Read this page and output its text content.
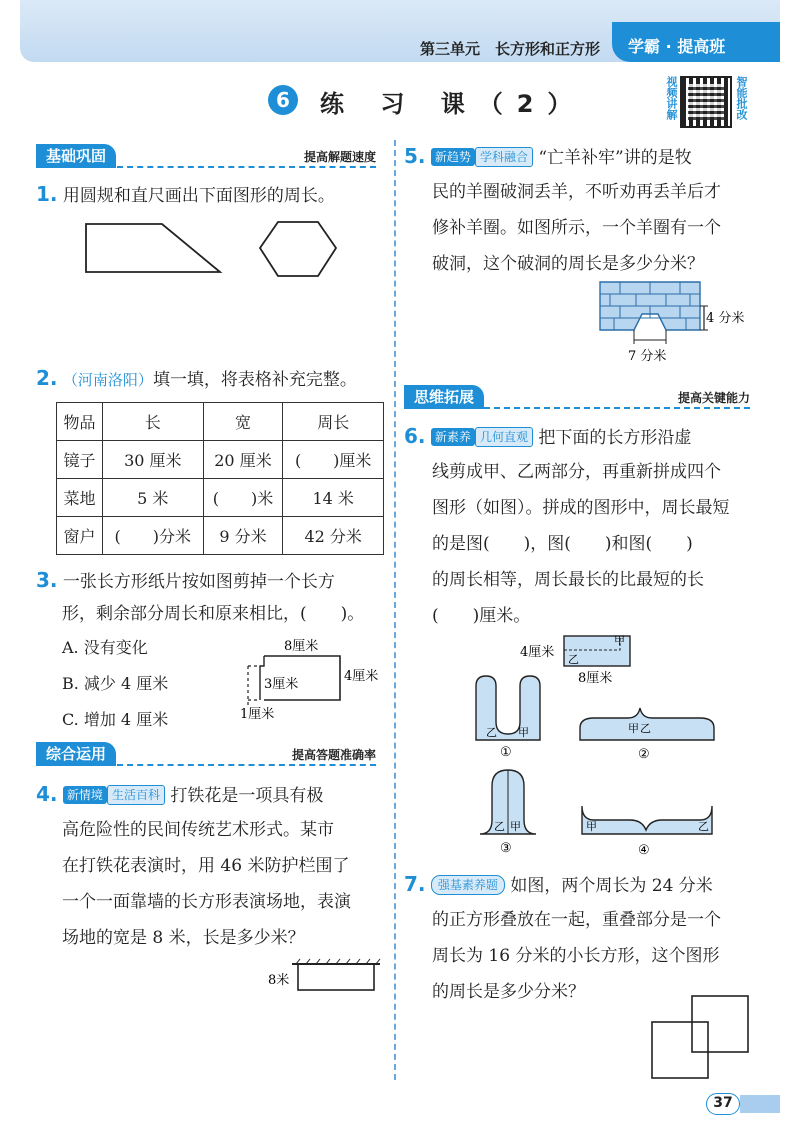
第三单元　长方形和正方形	学霸 · 提高班
6	练 习 课（2）	视频讲解	智能批改
基础巩固	提高解题速度
1. 用圆规和直尺画出下面图形的周长。
2. （河南洛阳）填一填，将表格补充完整。
物品	长	宽	周长
镜子	30 厘米	20 厘米	(　　)厘米
菜地	5 米	(　　)米	14 米
窗户	(　　)分米	9 分米	42 分米
3. 一张长方形纸片按如图剪掉一个长方
形，剩余部分周长和原来相比，(　　)。
A. 没有变化
B. 减少 4 厘米
C. 增加 4 厘米
8厘米
4厘米
3厘米
1厘米
综合运用	提高答题准确率
4. 新情境 生活百科 打铁花是一项具有极
高危险性的民间传统艺术形式。某市
在打铁花表演时，用 46 米防护栏围了
一个一面靠墙的长方形表演场地，表演
场地的宽是 8 米，长是多少米？
8米
5. 新趋势 学科融合 “亡羊补牢”讲的是牧
民的羊圈破洞丢羊，不听劝再丢羊后才
修补羊圈。如图所示，一个羊圈有一个
破洞，这个破洞的周长是多少分米？
4 分米
7 分米
思维拓展	提高关键能力
6. 新素养 几何直观 把下面的长方形沿虚
线剪成甲、乙两部分，再重新拼成四个
图形（如图）。拼成的图形中，周长最短
的是图(　　)，图(　　)和图(　　)
的周长相等，周长最长的比最短的长
(　　)厘米。
甲
乙
4厘米
8厘米
乙 甲
①
甲 乙
②
乙 甲
③
甲	乙
④
7. 强基素养题 如图，两个周长为 24 分米
的正方形叠放在一起，重叠部分是一个
周长为 16 分米的小长方形，这个图形
的周长是多少分米？
37
